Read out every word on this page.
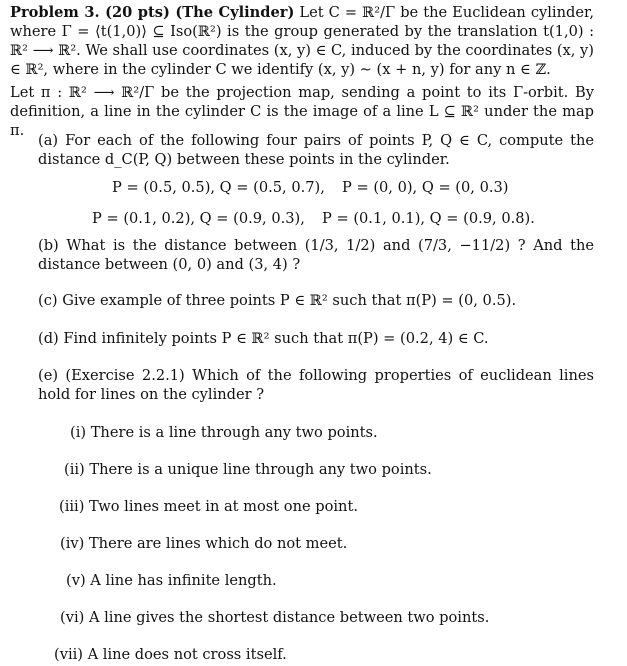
Problem 3. (20 pts) (The Cylinder) Let C = ℝ²/Γ be the Euclidean cylinder, where Γ = ⟨t(1,0)⟩ ⊆ Iso(ℝ²) is the group generated by the translation t(1,0) : ℝ² ⟶ ℝ². We shall use coordinates (x, y) ∈ C, induced by the coordinates (x, y) ∈ ℝ², where in the cylinder C we identify (x, y) ∼ (x + n, y) for any n ∈ ℤ.
Let π : ℝ² ⟶ ℝ²/Γ be the projection map, sending a point to its Γ-orbit. By definition, a line in the cylinder C is the image of a line L ⊆ ℝ² under the map π.
(a) For each of the following four pairs of points P, Q ∈ C, compute the distance d_C(P, Q) between these points in the cylinder.
P = (0.5, 0.5), Q = (0.5, 0.7), P = (0, 0), Q = (0, 0.3)
P = (0.1, 0.2), Q = (0.9, 0.3), P = (0.1, 0.1), Q = (0.9, 0.8).
(b) What is the distance between (1/3, 1/2) and (7/3, −11/2) ? And the distance between (0, 0) and (3, 4) ?
(c) Give example of three points P ∈ ℝ² such that π(P) = (0, 0.5).
(d) Find infinitely points P ∈ ℝ² such that π(P) = (0.2, 4) ∈ C.
(e) (Exercise 2.2.1) Which of the following properties of euclidean lines hold for lines on the cylinder ?
(i) There is a line through any two points.
(ii) There is a unique line through any two points.
(iii) Two lines meet in at most one point.
(iv) There are lines which do not meet.
(v) A line has infinite length.
(vi) A line gives the shortest distance between two points.
(vii) A line does not cross itself.
